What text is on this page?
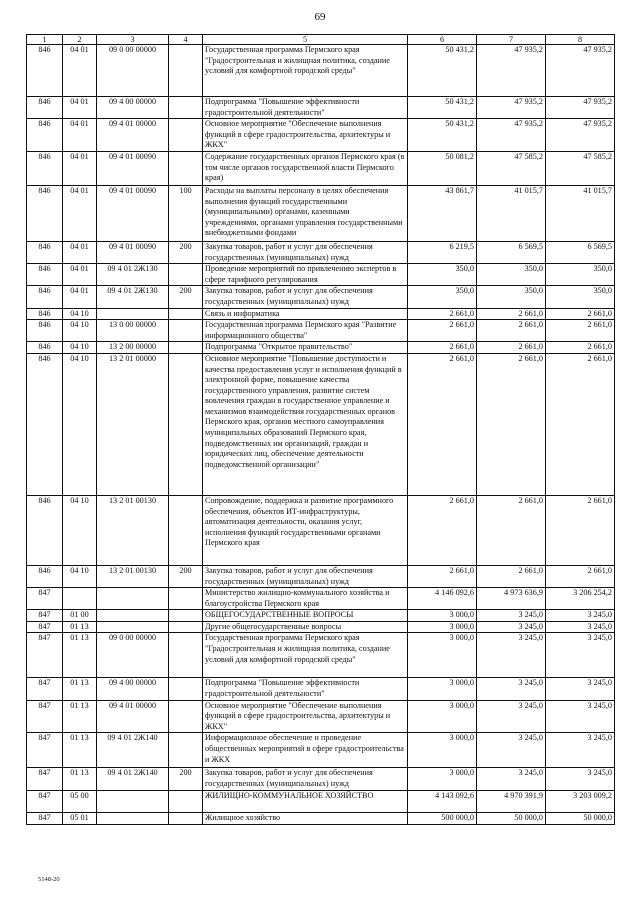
69
1	2	3	4	5	6	7	8
846	04 01	09 0 00 00000		Государственная программа Пермского края "Градостроительная и жилищная политика, создание условий для комфортной городской среды"	50 431,2	47 935,2	47 935,2
846	04 01	09 4 00 00000		Подпрограмма "Повышение эффективности градостроительной деятельности"	50 431,2	47 935,2	47 935,2
846	04 01	09 4 01 00000		Основное мероприятие "Обеспечение выполнения функций в сфере градостроительства, архитектуры и ЖКХ"	50 431,2	47 935,2	47 935,2
846	04 01	09 4 01 00090		Содержание государственных органов Пермского края (в том числе органов государственной власти Пермского края)	50 081,2	47 585,2	47 585,2
846	04 01	09 4 01 00090	100	Расходы на выплаты персоналу в целях обеспечения выполнения функций государственными (муниципальными) органами, казенными учреждениями, органами управления государственными внебюджетными фондами	43 861,7	41 015,7	41 015,7
846	04 01	09 4 01 00090	200	Закупка товаров, работ и услуг для обеспечения государственных (муниципальных) нужд	6 219,5	6 569,5	6 569,5
846	04 01	09 4 01 2Ж130		Проведение мероприятий по привлечению экспертов в сфере тарифного регулирования	350,0	350,0	350,0
846	04 01	09 4 01 2Ж130	200	Закупка товаров, работ и услуг для обеспечения государственных (муниципальных) нужд	350,0	350,0	350,0
846	04 10			Связь и информатика	2 661,0	2 661,0	2 661,0
846	04 10	13 0 00 00000		Государственная программа Пермского края "Развитие информационного общества"	2 661,0	2 661,0	2 661,0
846	04 10	13 2 00 00000		Подпрограмма "Открытое правительство"	2 661,0	2 661,0	2 661,0
846	04 10	13 2 01 00000		Основное мероприятие "Повышение доступности и качества предоставления услуг и исполнения функций в электронной форме, повышение качества государственного управления, развитие систем вовлечения граждан в государственное управление и механизмов взаимодействия государственных органов Пермского края, органов местного самоуправления муниципальных образований Пермского края, подведомственных им организаций, граждан и юридических лиц, обеспечение деятельности подведомственной организации"	2 661,0	2 661,0	2 661,0
846	04 10	13 2 01 00130		Сопровождение, поддержка и развитие программного обеспечения, объектов ИТ-инфраструктуры, автоматизация деятельности, оказания услуг, исполнения функций государственными органами Пермского края	2 661,0	2 661,0	2 661,0
846	04 10	13 2 01 00130	200	Закупка товаров, работ и услуг для обеспечения государственных (муниципальных) нужд	2 661,0	2 661,0	2 661,0
847				Министерство жилищно-коммунального хозяйства и благоустройства Пермского края	4 146 092,6	4 973 636,9	3 206 254,2
847	01 00			ОБЩЕГОСУДАРСТВЕННЫЕ ВОПРОСЫ	3 000,0	3 245,0	3 245,0
847	01 13			Другие общегосударственные вопросы	3 000,0	3 245,0	3 245,0
847	01 13	09 0 00 00000		Государственная программа Пермского края "Градостроительная и жилищная политика, создание условий для комфортной городской среды"	3 000,0	3 245,0	3 245,0
847	01 13	09 4 00 00000		Подпрограмма "Повышение эффективности градостроительной деятельности"	3 000,0	3 245,0	3 245,0
847	01 13	09 4 01 00000		Основное мероприятие "Обеспечение выполнения функций в сфере градостроительства, архитектуры и ЖКХ"	3 000,0	3 245,0	3 245,0
847	01 13	09 4 01 2Ж140		Информационное обеспечение и проведение общественных мероприятий в сфере градостроительства и ЖКХ	3 000,0	3 245,0	3 245,0
847	01 13	09 4 01 2Ж140	200	Закупка товаров, работ и услуг для обеспечения государственных (муниципальных) нужд	3 000,0	3 245,0	3 245,0
847	05 00			ЖИЛИЩНО-КОММУНАЛЬНОЕ ХОЗЯЙСТВО	4 143 092,6	4 970 391,9	3 203 009,2
847	05 01			Жилищное хозяйство	500 000,0	50 000,0	50 000,0
5148-20
